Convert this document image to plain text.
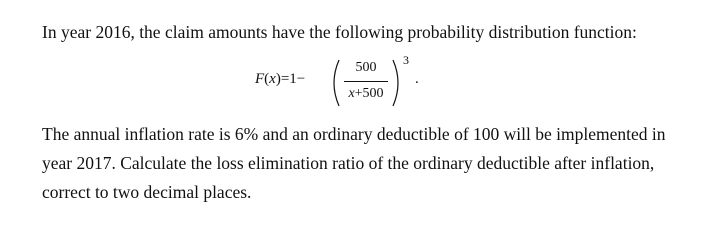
In year 2016, the claim amounts have the following probability distribution function:
F(x)=1−
500
x+500
3
.
The annual inflation rate is 6% and an ordinary deductible of 100 will be implemented in
year 2017. Calculate the loss elimination ratio of the ordinary deductible after inflation,
correct to two decimal places.
